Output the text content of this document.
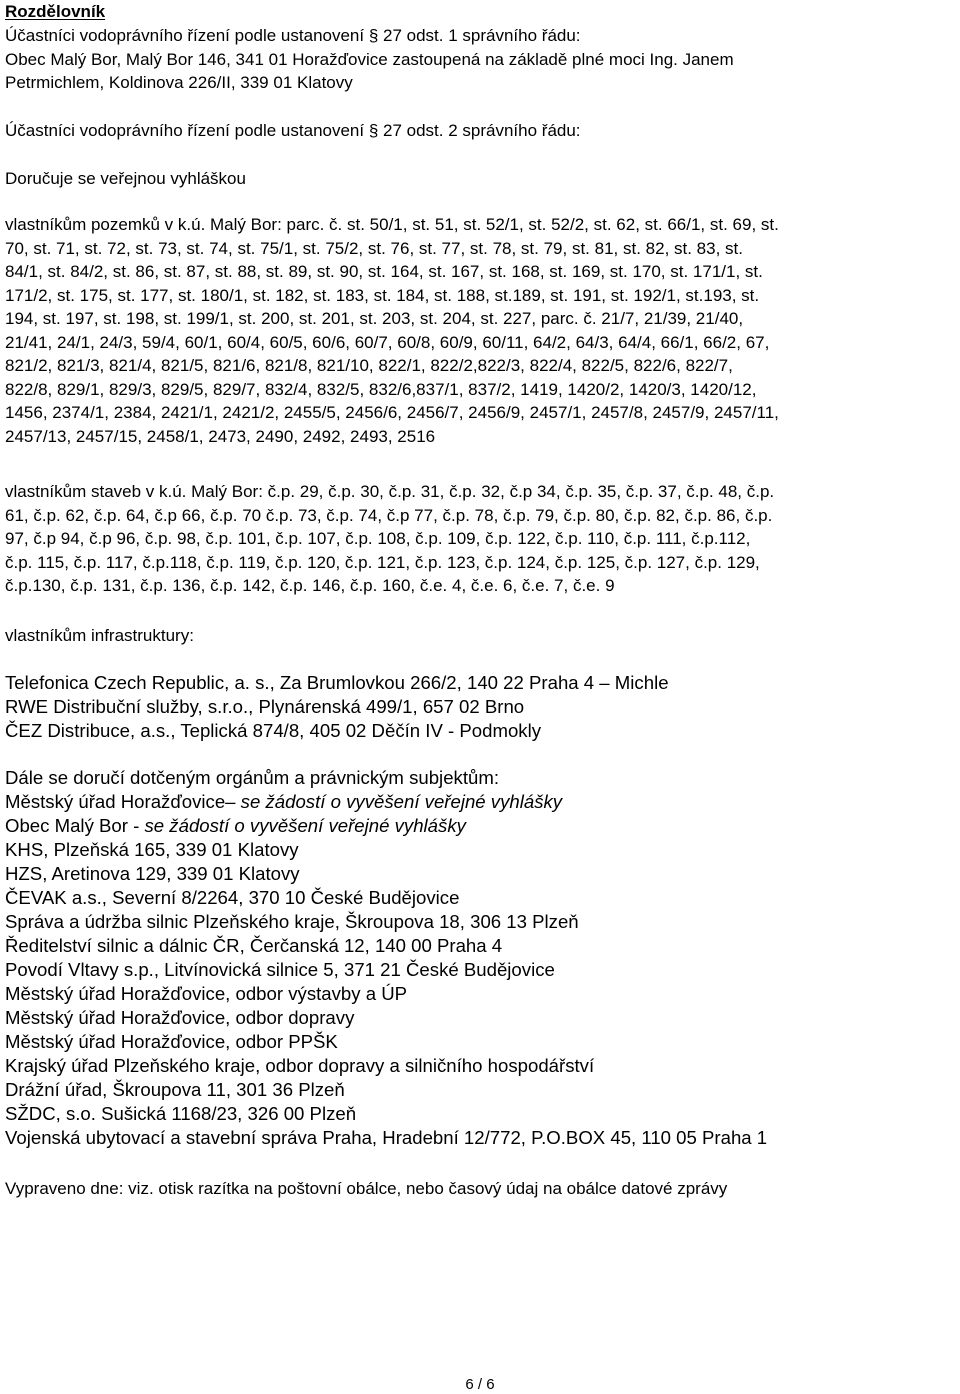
Rozdělovník
Účastníci vodoprávního řízení podle ustanovení § 27 odst. 1 správního řádu:
Obec Malý Bor, Malý Bor 146, 341 01 Horažďovice zastoupená na základě plné moci Ing. Janem
Petrmichlem, Koldinova 226/II, 339 01 Klatovy
Účastníci vodoprávního řízení podle ustanovení § 27 odst. 2 správního řádu:
Doručuje se veřejnou vyhláškou
vlastníkům pozemků v k.ú. Malý Bor: parc. č. st. 50/1, st. 51, st. 52/1, st. 52/2, st. 62, st. 66/1, st. 69, st.
70, st. 71, st. 72, st. 73, st. 74, st. 75/1, st. 75/2, st. 76, st. 77, st. 78, st. 79, st. 81, st. 82, st. 83, st.
84/1, st. 84/2, st. 86, st. 87, st. 88, st. 89, st. 90, st. 164, st. 167, st. 168, st. 169, st. 170, st. 171/1, st.
171/2, st. 175, st. 177, st. 180/1, st. 182, st. 183, st. 184, st. 188, st.189, st. 191, st. 192/1, st.193, st.
194, st. 197, st. 198, st. 199/1, st. 200, st. 201, st. 203, st. 204, st. 227, parc. č. 21/7, 21/39, 21/40,
21/41, 24/1, 24/3, 59/4, 60/1, 60/4, 60/5, 60/6, 60/7, 60/8, 60/9, 60/11, 64/2, 64/3, 64/4, 66/1, 66/2, 67,
821/2, 821/3, 821/4, 821/5, 821/6, 821/8, 821/10, 822/1, 822/2,822/3, 822/4, 822/5, 822/6, 822/7,
822/8, 829/1, 829/3, 829/5, 829/7, 832/4, 832/5, 832/6,837/1, 837/2, 1419, 1420/2, 1420/3, 1420/12,
1456, 2374/1, 2384, 2421/1, 2421/2, 2455/5, 2456/6, 2456/7, 2456/9, 2457/1, 2457/8, 2457/9, 2457/11,
2457/13, 2457/15, 2458/1, 2473, 2490, 2492, 2493, 2516
vlastníkům staveb v k.ú. Malý Bor: č.p. 29, č.p. 30, č.p. 31, č.p. 32, č.p 34, č.p. 35, č.p. 37, č.p. 48, č.p.
61, č.p. 62, č.p. 64, č.p 66, č.p. 70 č.p. 73, č.p. 74, č.p 77, č.p. 78, č.p. 79, č.p. 80, č.p. 82, č.p. 86, č.p.
97, č.p 94, č.p 96, č.p. 98, č.p. 101, č.p. 107, č.p. 108, č.p. 109, č.p. 122, č.p. 110, č.p. 111, č.p.112,
č.p. 115, č.p. 117, č.p.118, č.p. 119, č.p. 120, č.p. 121, č.p. 123, č.p. 124, č.p. 125, č.p. 127, č.p. 129,
č.p.130, č.p. 131, č.p. 136, č.p. 142, č.p. 146, č.p. 160, č.e. 4, č.e. 6, č.e. 7, č.e. 9
vlastníkům infrastruktury:
Telefonica Czech Republic, a. s., Za Brumlovkou 266/2, 140 22 Praha 4 – Michle
RWE Distribuční služby, s.r.o., Plynárenská 499/1, 657 02 Brno
ČEZ Distribuce, a.s., Teplická 874/8, 405 02 Děčín IV - Podmokly
Dále se doručí dotčeným orgánům a právnickým subjektům:
Městský úřad Horažďovice– se žádostí o vyvěšení veřejné vyhlášky
Obec Malý Bor - se žádostí o vyvěšení veřejné vyhlášky
KHS, Plzeňská 165, 339 01 Klatovy
HZS, Aretinova 129, 339 01 Klatovy
ČEVAK a.s., Severní 8/2264, 370 10 České Budějovice
Správa a údržba silnic Plzeňského kraje, Škroupova 18, 306 13 Plzeň
Ředitelství silnic a dálnic ČR, Čerčanská 12, 140 00 Praha 4
Povodí Vltavy s.p., Litvínovická silnice 5, 371 21 České Budějovice
Městský úřad Horažďovice, odbor výstavby a ÚP
Městský úřad Horažďovice, odbor dopravy
Městský úřad Horažďovice, odbor PPŠK
Krajský úřad Plzeňského kraje, odbor dopravy a silničního hospodářství
Drážní úřad, Škroupova 11, 301 36 Plzeň
SŽDC, s.o. Sušická 1168/23, 326 00 Plzeň
Vojenská ubytovací a stavební správa Praha, Hradební 12/772, P.O.BOX 45, 110 05 Praha 1
Vypraveno dne: viz. otisk razítka na poštovní obálce, nebo časový údaj na obálce datové zprávy
6 / 6
